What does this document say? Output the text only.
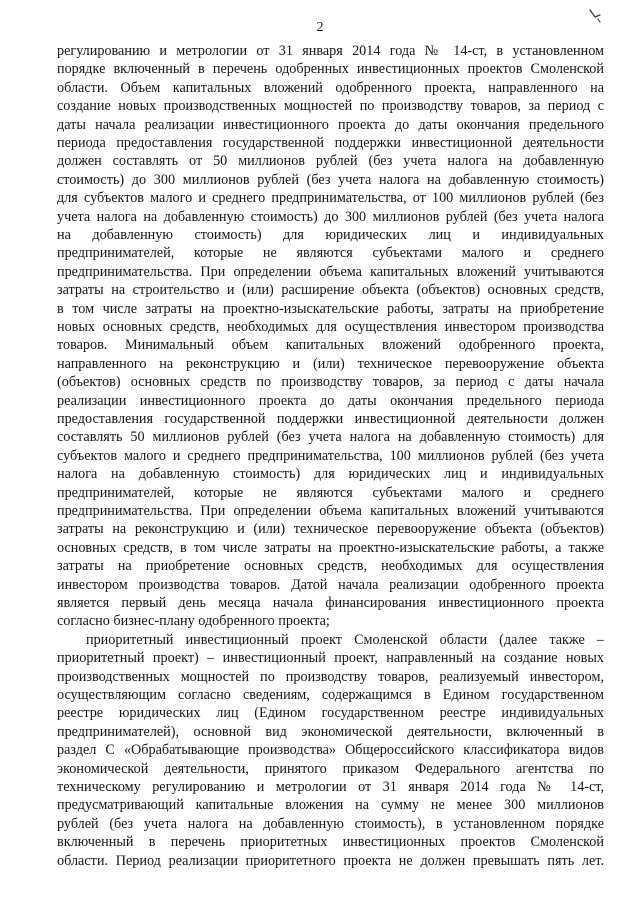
2
регулированию и метрологии от 31 января 2014 года № 14-ст, в установленном
порядке включенный в перечень одобренных инвестиционных проектов Смоленской
области. Объем капитальных вложений одобренного проекта, направленного на
создание новых производственных мощностей по производству товаров, за период с
даты начала реализации инвестиционного проекта до даты окончания предельного
периода предоставления государственной поддержки инвестиционной деятельности
должен составлять от 50 миллионов рублей (без учета налога на добавленную
стоимость) до 300 миллионов рублей (без учета налога на добавленную стоимость)
для субъектов малого и среднего предпринимательства, от 100 миллионов рублей (без
учета налога на добавленную стоимость) до 300 миллионов рублей (без учета налога
на добавленную стоимость) для юридических лиц и индивидуальных
предпринимателей, которые не являются субъектами малого и среднего
предпринимательства. При определении объема капитальных вложений учитываются
затраты на строительство и (или) расширение объекта (объектов) основных средств,
в том числе затраты на проектно-изыскательские работы, затраты на приобретение
новых основных средств, необходимых для осуществления инвестором производства
товаров. Минимальный объем капитальных вложений одобренного проекта,
направленного на реконструкцию и (или) техническое перевооружение объекта
(объектов) основных средств по производству товаров, за период с даты начала
реализации инвестиционного проекта до даты окончания предельного периода
предоставления государственной поддержки инвестиционной деятельности должен
составлять 50 миллионов рублей (без учета налога на добавленную стоимость) для
субъектов малого и среднего предпринимательства, 100 миллионов рублей (без учета
налога на добавленную стоимость) для юридических лиц и индивидуальных
предпринимателей, которые не являются субъектами малого и среднего
предпринимательства. При определении объема капитальных вложений учитываются
затраты на реконструкцию и (или) техническое перевооружение объекта (объектов)
основных средств, в том числе затраты на проектно-изыскательские работы, а также
затраты на приобретение основных средств, необходимых для осуществления
инвестором производства товаров. Датой начала реализации одобренного проекта
является первый день месяца начала финансирования инвестиционного проекта
согласно бизнес-плану одобренного проекта;
приоритетный инвестиционный проект Смоленской области (далее также –
приоритетный проект) – инвестиционный проект, направленный на создание новых
производственных мощностей по производству товаров, реализуемый инвестором,
осуществляющим согласно сведениям, содержащимся в Едином государственном
реестре юридических лиц (Едином государственном реестре индивидуальных
предпринимателей), основной вид экономической деятельности, включенный в
раздел С «Обрабатывающие производства» Общероссийского классификатора видов
экономической деятельности, принятого приказом Федерального агентства по
техническому регулированию и метрологии от 31 января 2014 года № 14-ст,
предусматривающий капитальные вложения на сумму не менее 300 миллионов
рублей (без учета налога на добавленную стоимость), в установленном порядке
включенный в перечень приоритетных инвестиционных проектов Смоленской
области. Период реализации приоритетного проекта не должен превышать пять лет.
